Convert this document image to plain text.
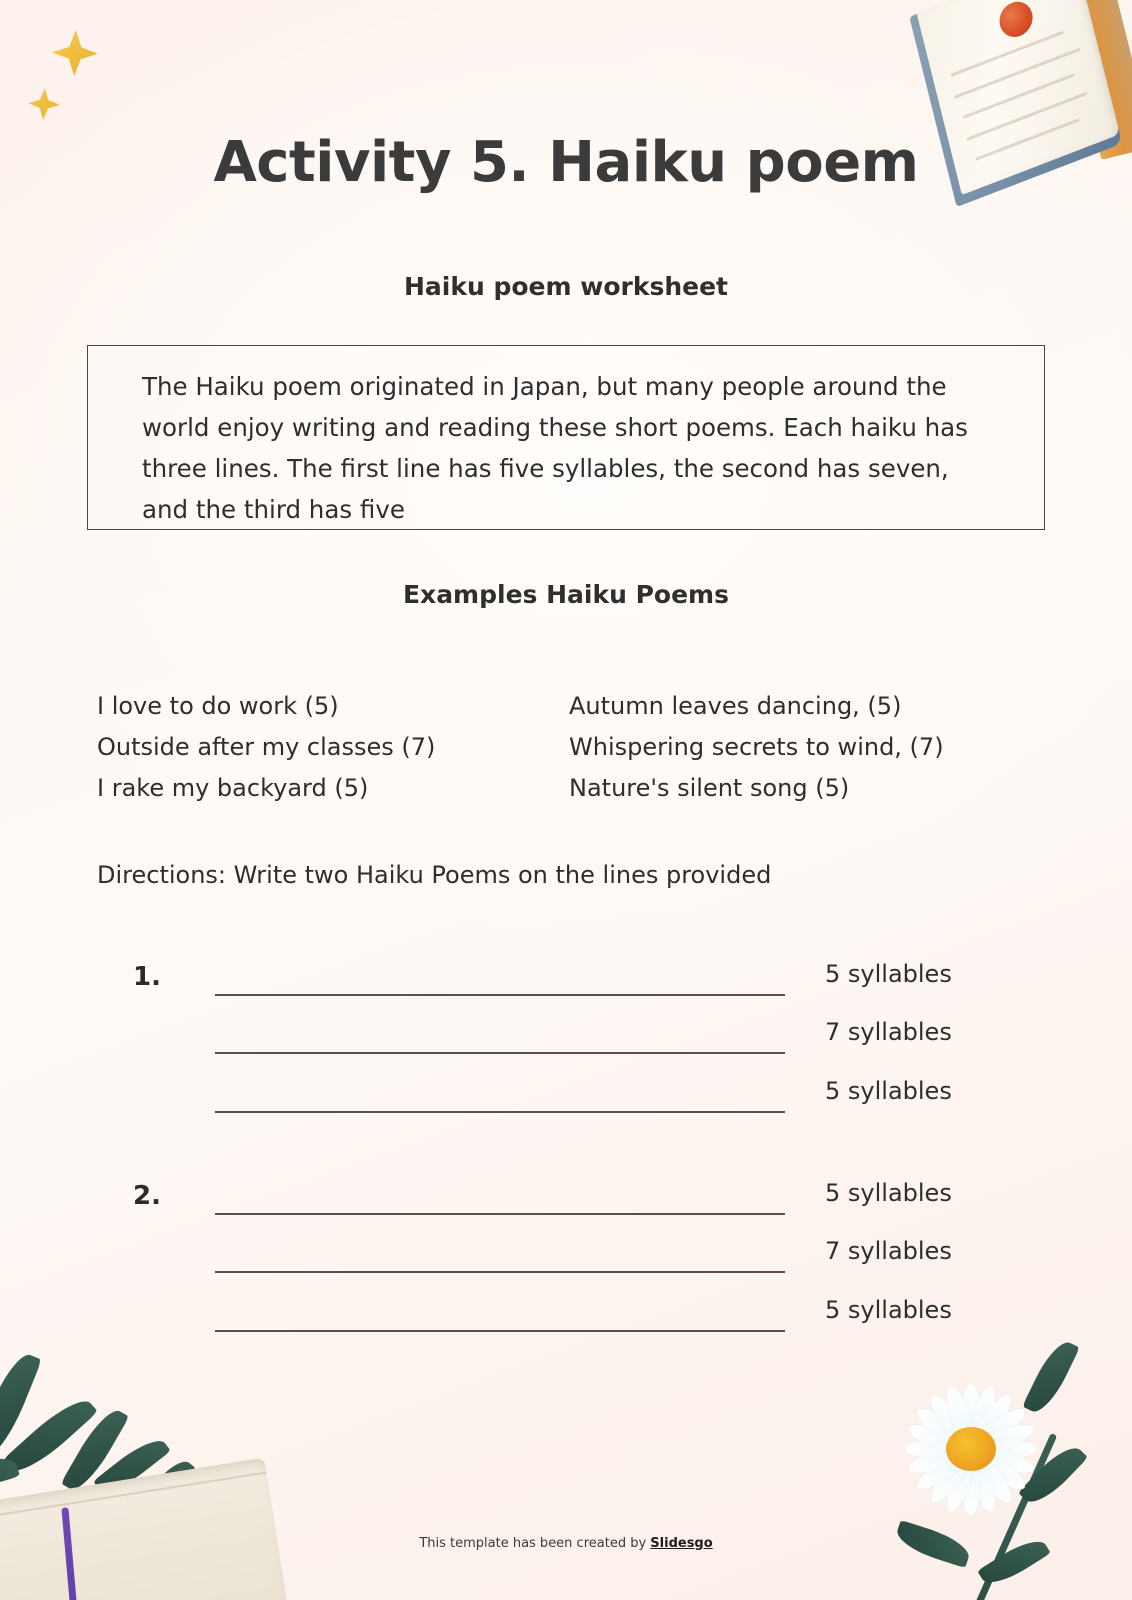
Activity 5. Haiku poem
Haiku poem worksheet
The Haiku poem originated in Japan, but many people around the world enjoy writing and reading these short poems. Each haiku has three lines. The first line has five syllables, the second has seven, and the third has five
Examples Haiku Poems
I love to do work (5)
Outside after my classes (7)
I rake my backyard (5)
Autumn leaves dancing, (5)
Whispering secrets to wind, (7)
Nature's silent song (5)
Directions: Write two Haiku Poems on the lines provided
1.	5 syllables
7 syllables
5 syllables
2.	5 syllables
7 syllables
5 syllables
This template has been created by Slidesgo
